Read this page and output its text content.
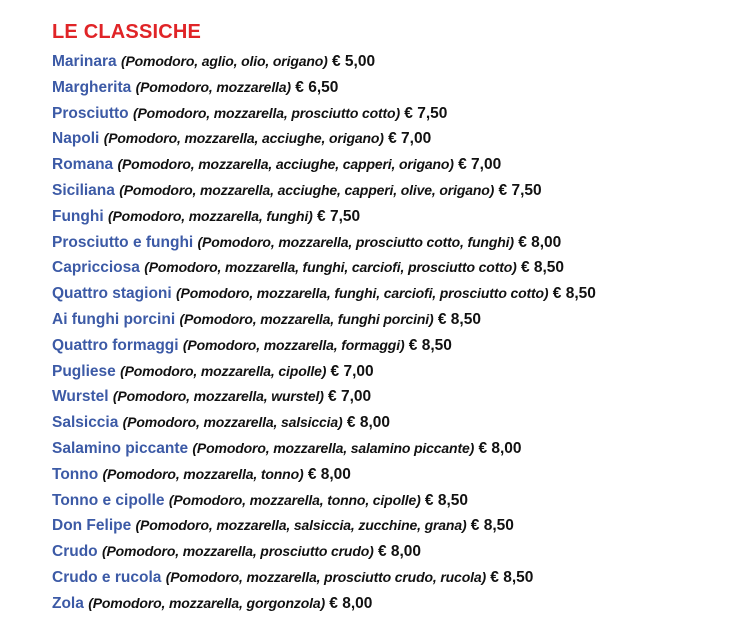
LE CLASSICHE
Marinara (Pomodoro, aglio, olio, origano) € 5,00
Margherita (Pomodoro, mozzarella) € 6,50
Prosciutto (Pomodoro, mozzarella, prosciutto cotto) € 7,50
Napoli (Pomodoro, mozzarella, acciughe, origano) € 7,00
Romana (Pomodoro, mozzarella, acciughe, capperi, origano) € 7,00
Siciliana (Pomodoro, mozzarella, acciughe, capperi, olive, origano) € 7,50
Funghi (Pomodoro, mozzarella, funghi) € 7,50
Prosciutto e funghi (Pomodoro, mozzarella, prosciutto cotto, funghi) € 8,00
Capricciosa (Pomodoro, mozzarella, funghi, carciofi, prosciutto cotto) € 8,50
Quattro stagioni (Pomodoro, mozzarella, funghi, carciofi, prosciutto cotto) € 8,50
Ai funghi porcini (Pomodoro, mozzarella, funghi porcini) € 8,50
Quattro formaggi (Pomodoro, mozzarella, formaggi) € 8,50
Pugliese (Pomodoro, mozzarella, cipolle) € 7,00
Wurstel (Pomodoro, mozzarella, wurstel) € 7,00
Salsiccia (Pomodoro, mozzarella, salsiccia) € 8,00
Salamino piccante (Pomodoro, mozzarella, salamino piccante) € 8,00
Tonno (Pomodoro, mozzarella, tonno) € 8,00
Tonno e cipolle (Pomodoro, mozzarella, tonno, cipolle) € 8,50
Don Felipe (Pomodoro, mozzarella, salsiccia, zucchine, grana) € 8,50
Crudo (Pomodoro, mozzarella, prosciutto crudo) € 8,00
Crudo e rucola (Pomodoro, mozzarella, prosciutto crudo, rucola) € 8,50
Zola (Pomodoro, mozzarella, gorgonzola) € 8,00
